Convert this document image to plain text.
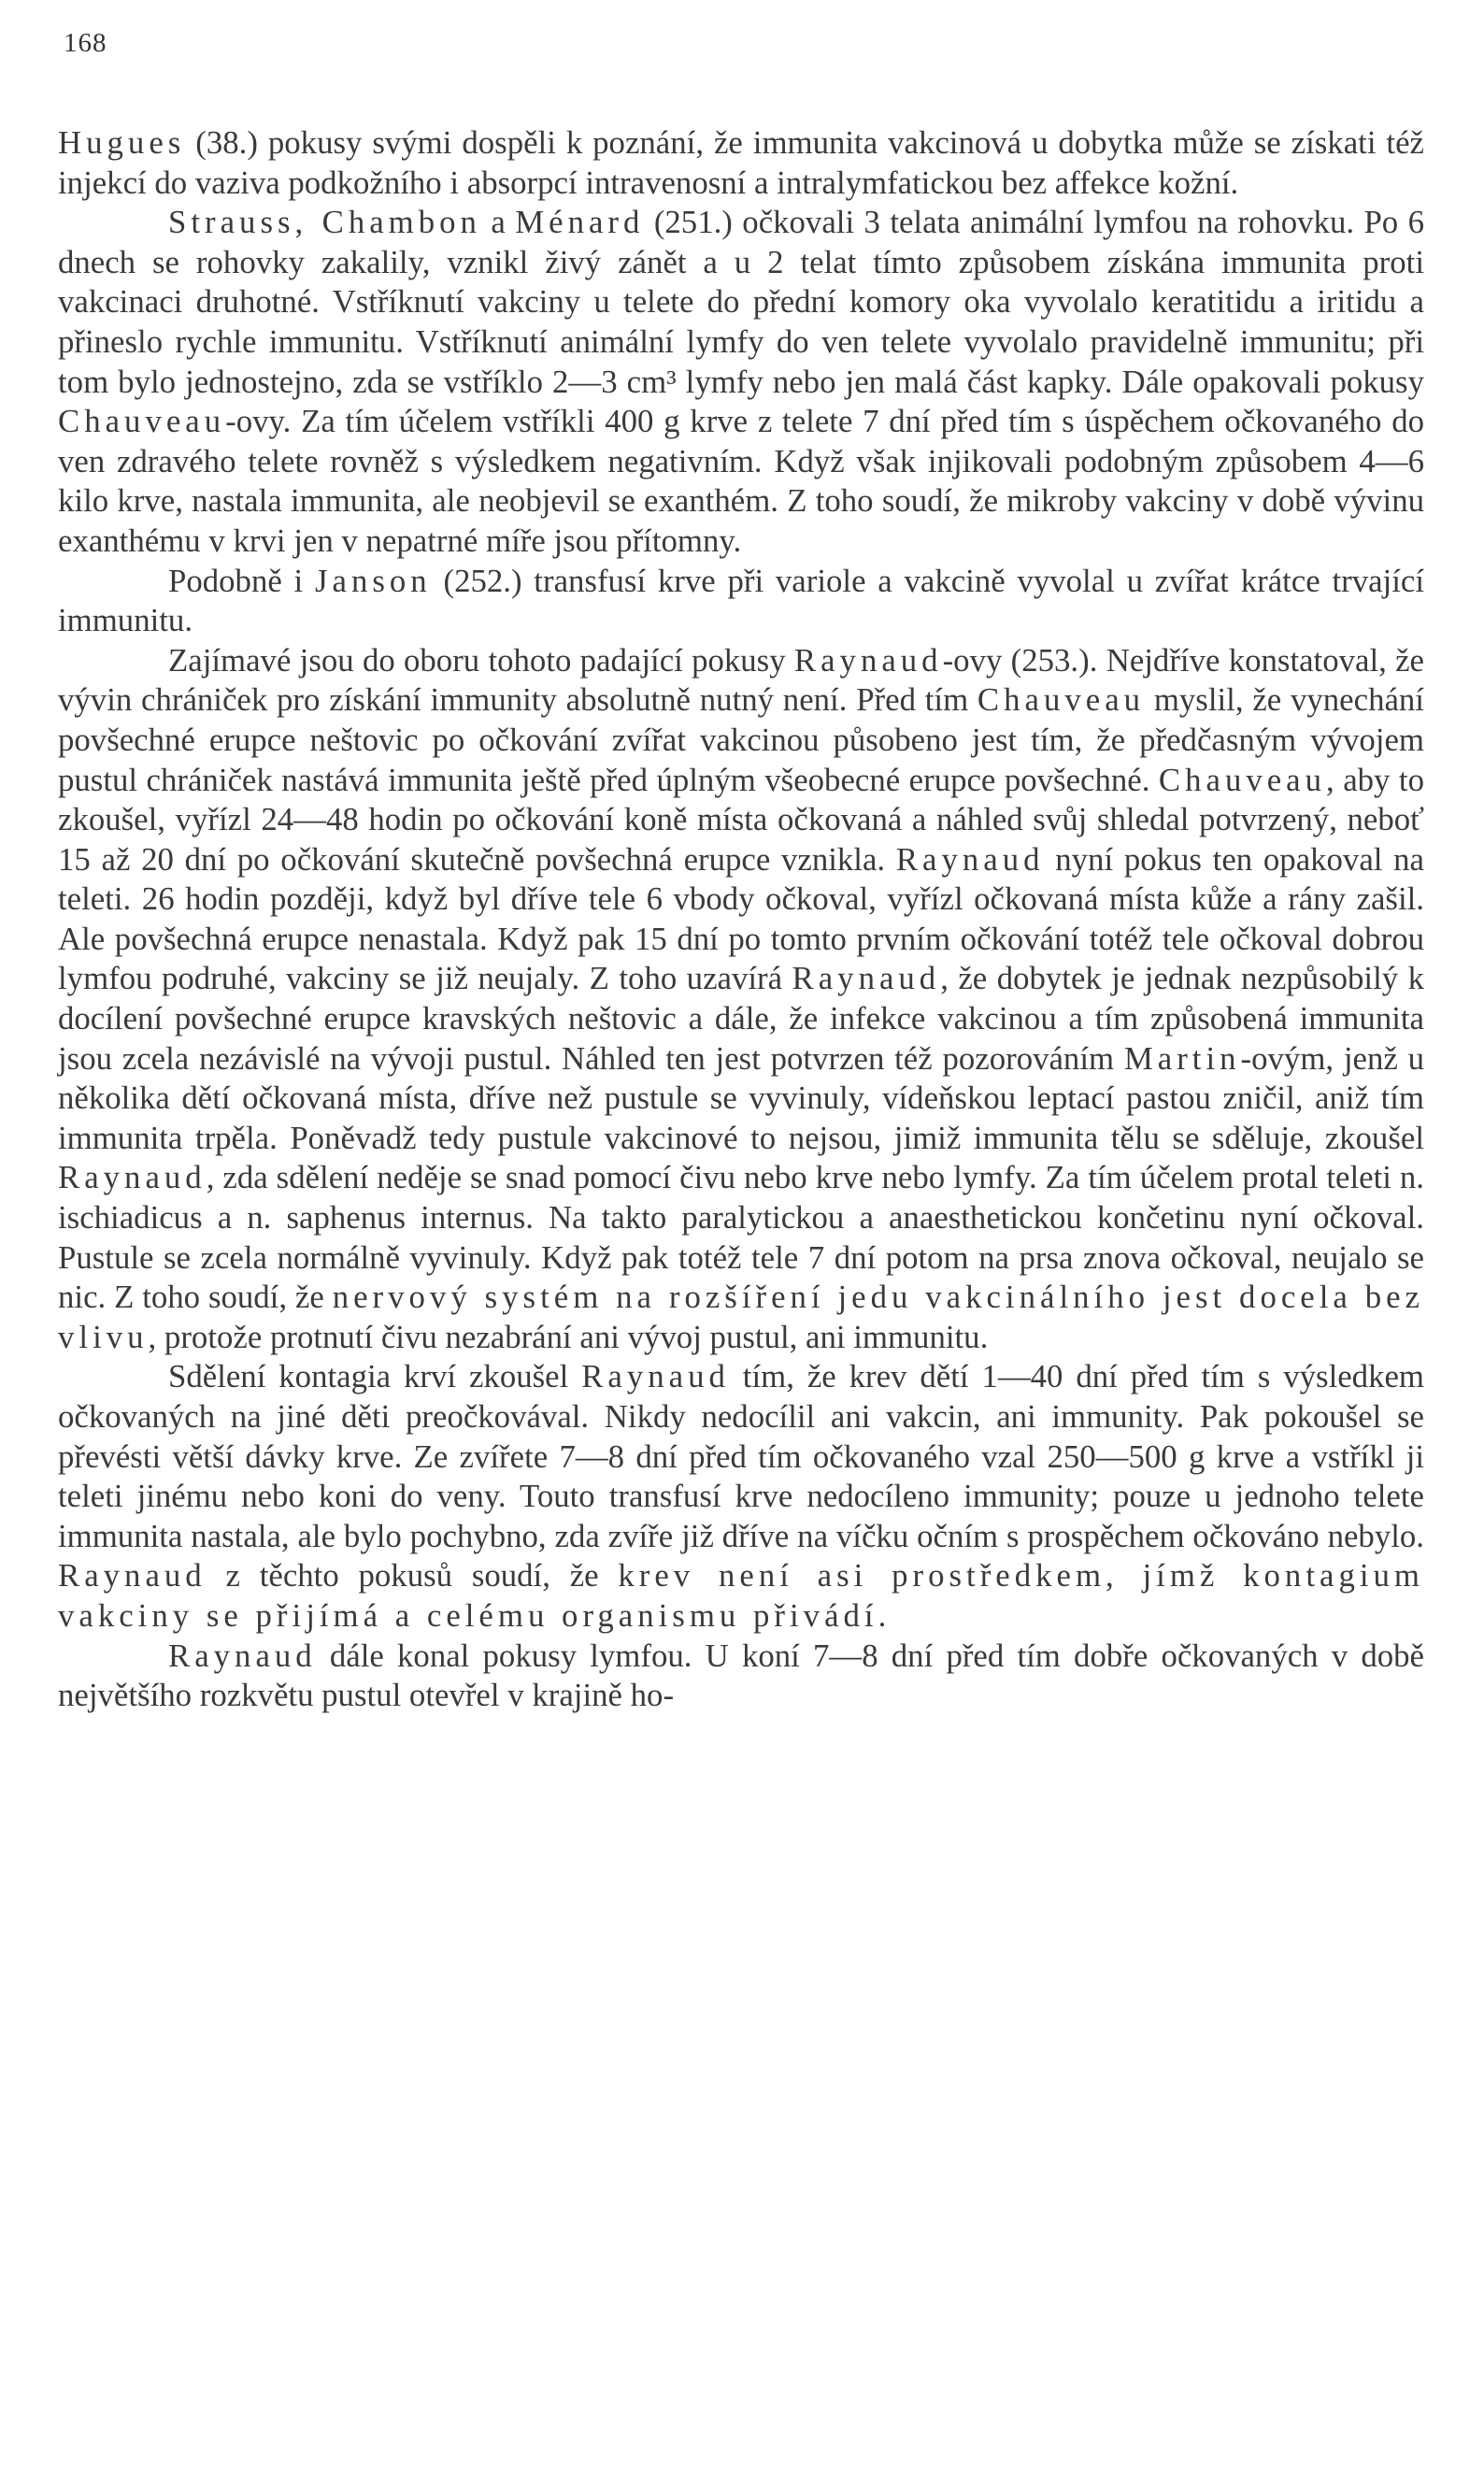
168

Hugues (38.) pokusy svými dospěli k poznání, že immunita vakcinová u dobytka může se získati též injekcí do vaziva podkožního i absorpcí intravenosní a intralymfatickou bez affekce kožní.

Strauss, Chambon a Ménard (251.) očkovali 3 telata animální lymfou na rohovku. Po 6 dnech se rohovky zakalily, vznikl živý zánět a u 2 telat tímto způsobem získána immunita proti vakcinaci druhotné. Vstříknutí vakciny u telete do přední komory oka vyvolalo keratitidu a iritidu a přineslo rychle immunitu. Vstříknutí animální lymfy do ven telete vyvolalo pravidelně immunitu; při tom bylo jednostejno, zda se vstříklo 2—3 cm³ lymfy nebo jen malá část kapky. Dále opakovali pokusy Chauveau-ovy. Za tím účelem vstříkli 400 g krve z telete 7 dní před tím s úspěchem očkovaného do ven zdravého telete rovněž s výsledkem negativním. Když však injikovali podobným způsobem 4—6 kilo krve, nastala immunita, ale neobjevil se exanthém. Z toho soudí, že mikroby vakciny v době vývinu exanthému v krvi jen v nepatrné míře jsou přítomny.

Podobně i Janson (252.) transfusí krve při variole a vakcině vyvolal u zvířat krátce trvající immunitu.

Zajímavé jsou do oboru tohoto padající pokusy Raynaud-ovy (253.). Nejdříve konstatoval, že vývin chrániček pro získání immunity absolutně nutný není. Před tím Chauveau myslil, že vynechání povšechné erupce neštovic po očkování zvířat vakcinou působeno jest tím, že předčasným vývojem pustul chrániček nastává immunita ještě před úplným všeobecné erupce povšechné. Chauveau, aby to zkoušel, vyřízl 24—48 hodin po očkování koně místa očkovaná a náhled svůj shledal potvrzený, neboť 15 až 20 dní po očkování skutečně povšechná erupce vznikla. Raynaud nyní pokus ten opakoval na teleti. 26 hodin později, když byl dříve tele 6 vbody očkoval, vyřízl očkovaná místa kůže a rány zašil. Ale povšechná erupce nenastala. Když pak 15 dní po tomto prvním očkování totéž tele očkoval dobrou lymfou podruhé, vakciny se již neujaly. Z toho uzavírá Raynaud, že dobytek je jednak nezpůsobilý k docílení povšechné erupce kravských neštovic a dále, že infekce vakcinou a tím způsobená immunita jsou zcela nezávislé na vývoji pustul. Náhled ten jest potvrzen též pozorováním Martin-ovým, jenž u několika dětí očkovaná místa, dříve než pustule se vyvinuly, vídeňskou leptací pastou zničil, aniž tím immunita trpěla. Poněvadž tedy pustule vakcinové to nejsou, jimiž immunita tělu se sděluje, zkoušel Raynaud, zda sdělení neděje se snad pomocí čivu nebo krve nebo lymfy. Za tím účelem protal teleti n. ischiadicus a n. saphenus internus. Na takto paralytickou a anaesthetickou končetinu nyní očkoval. Pustule se zcela normálně vyvinuly. Když pak totéž tele 7 dní potom na prsa znova očkoval, neujalo se nic. Z toho soudí, že nervový systém na rozšíření jedu vakcinálního jest docela bez vlivu, protože protnutí čivu nezabrání ani vývoj pustul, ani immunitu.

Sdělení kontagia krví zkoušel Raynaud tím, že krev dětí 1—40 dní před tím s výsledkem očkovaných na jiné děti preočkovával. Nikdy nedocílil ani vakcin, ani immunity. Pak pokoušel se převésti větší dávky krve. Ze zvířete 7—8 dní před tím očkovaného vzal 250—500 g krve a vstříkl ji teleti jinému nebo koni do veny. Touto transfusí krve nedocíleno immunity; pouze u jednoho telete immunita nastala, ale bylo pochybno, zda zvíře již dříve na víčku očním s prospěchem očkováno nebylo. Raynaud z těchto pokusů soudí, že krev není asi prostředkem, jímž kontagium vakciny se přijímá a celému organismu přivádí.

Raynaud dále konal pokusy lymfou. U koní 7—8 dní před tím dobře očkovaných v době největšího rozkvětu pustul otevřel v krajině ho-
